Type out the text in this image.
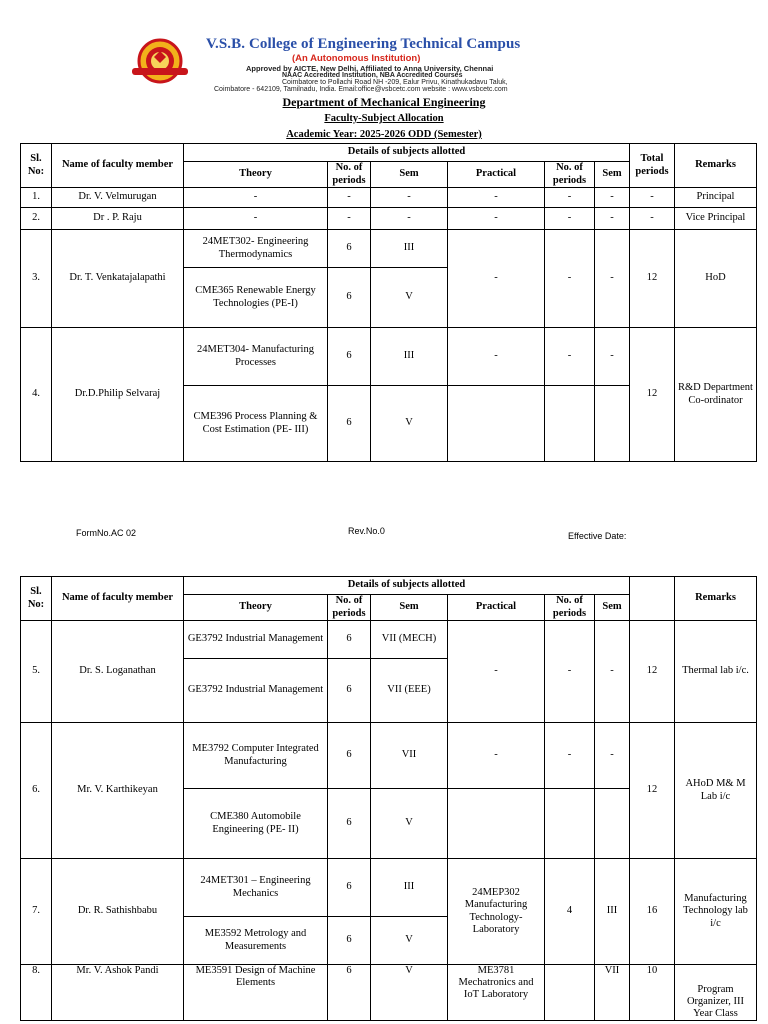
V.S.B. College of Engineering Technical Campus
(An Autonomous Institution)
Approved by AICTE, New Delhi, Affiliated to Anna University, Chennai
NAAC Accredited Institution, NBA Accredited Courses
Coimbatore to Pollachi Road NH -209, Ealur Privu, Kinathukadavu Taluk,
Coimbatore - 642109, Tamilnadu, India. Email:office@vsbcetc.com website : www.vsbcetc.com
Department of Mechanical Engineering
Faculty-Subject Allocation
Academic Year: 2025-2026 ODD (Semester)
Sl. No:	Name of faculty member	Details of subjects allotted						Total periods	Remarks
		Theory	No. of periods	Sem	Practical	No. of periods	Sem		
1.	Dr. V. Velmurugan	-	-	-	-	-	-	-	Principal
2.	Dr . P. Raju	-	-	-	-	-	-	-	Vice Principal
3.	Dr. T. Venkatajalapathi	24MET302- Engineering Thermodynamics	6	III	-	-	-	12	HoD
		CME365 Renewable Energy Technologies (PE-I)	6	V					
4.	Dr.D.Philip Selvaraj	24MET304- Manufacturing Processes	6	III	-	-	-	12	R&D Department Co-ordinator
		CME396 Process Planning & Cost Estimation (PE- III)	6	V					
FormNo.AC 02	Rev.No.0	Effective Date:
Sl. No:	Name of faculty member	Details of subjects allotted							Remarks
		Theory	No. of periods	Sem	Practical	No. of periods	Sem		
5.	Dr. S. Loganathan	GE3792 Industrial Management	6	VII (MECH)	-	-	-	12	Thermal lab i/c.
		GE3792 Industrial Management	6	VII (EEE)					
6.	Mr. V. Karthikeyan	ME3792 Computer Integrated Manufacturing	6	VII	-	-	-	12	AHoD M& M Lab i/c
		CME380 Automobile Engineering (PE- II)	6	V					
7.	Dr. R. Sathishbabu	24MET301 – Engineering Mechanics	6	III	24MEP302 Manufacturing Technology- Laboratory	4	III	16	Manufacturing Technology lab i/c
		ME3592 Metrology and Measurements	6	V					
8.	Mr. V. Ashok Pandi	ME3591 Design of Machine Elements	6	V	ME3781 Mechatronics and IoT Laboratory		VII	10	Program Organizer, III Year Class
